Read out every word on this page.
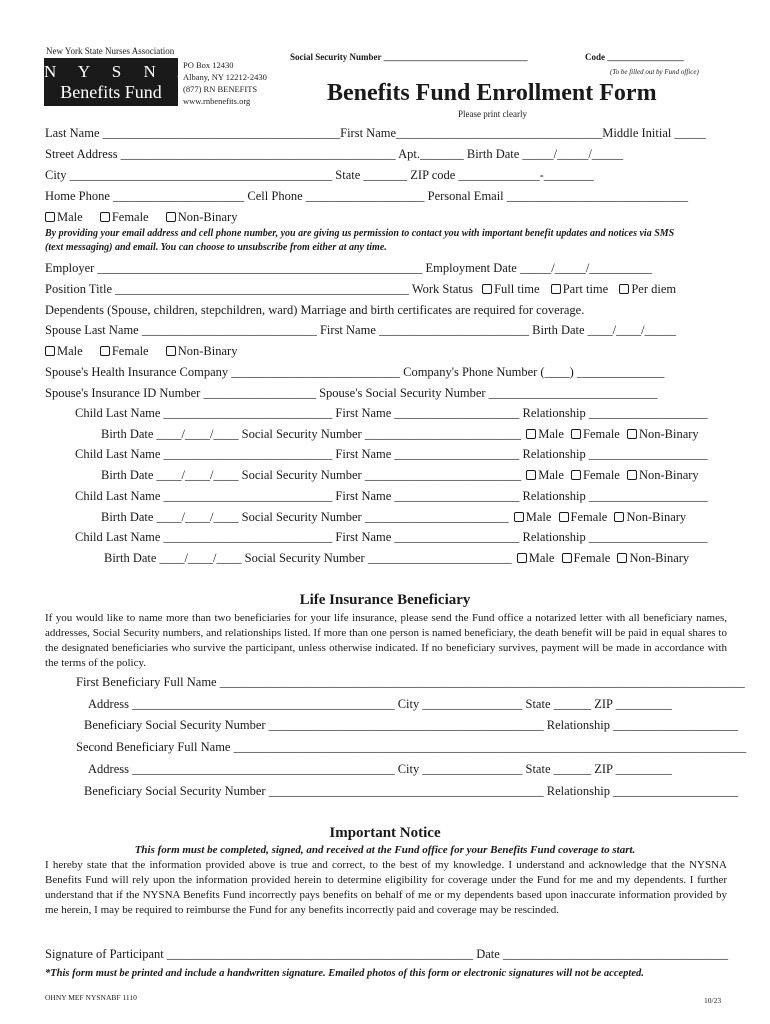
New York State Nurses Association
N Y S N A
Benefits Fund
PO Box 12430
Albany, NY 12212-2430
(877) RN BENEFITS
www.rnbenefits.org
Social Security Number ________________________________	Code _________________
(To be filled out by Fund office)
Benefits Fund Enrollment Form
Please print clearly
Last Name ______________________________________First Name_________________________________Middle Initial _____
Street Address ____________________________________________ Apt._______ Birth Date _____/_____/_____
City __________________________________________ State _______ ZIP code _____________-________
Home Phone _____________________ Cell Phone ___________________ Personal Email _____________________________
Male Female Non-Binary
By providing your email address and cell phone number, you are giving us permission to contact you with important benefit updates and notices via SMS (text messaging) and email. You can choose to unsubscribe from either at any time.
Employer ____________________________________________________ Employment Date _____/_____/__________
Position Title _______________________________________________ Work Status Full time Part time Per diem
Dependents (Spouse, children, stepchildren, ward) Marriage and birth certificates are required for coverage.
Spouse Last Name ____________________________ First Name ________________________ Birth Date ____/____/_____
Male Female Non-Binary
Spouse's Health Insurance Company ___________________________ Company's Phone Number (____) ______________
Spouse's Insurance ID Number __________________ Spouse's Social Security Number ___________________________
Child Last Name ___________________________ First Name ____________________ Relationship ___________________
Birth Date ____/____/____ Social Security Number _________________________ Male Female Non-Binary
Child Last Name ___________________________ First Name ____________________ Relationship ___________________
Birth Date ____/____/____ Social Security Number _________________________ Male Female Non-Binary
Child Last Name ___________________________ First Name ____________________ Relationship ___________________
Birth Date ____/____/____ Social Security Number _______________________ Male Female Non-Binary
Child Last Name ___________________________ First Name ____________________ Relationship ___________________
Birth Date ____/____/____ Social Security Number _______________________ Male Female Non-Binary
Life Insurance Beneficiary
If you would like to name more than two beneficiaries for your life insurance, please send the Fund office a notarized letter with all beneficiary names, addresses, Social Security numbers, and relationships listed. If more than one person is named beneficiary, the death benefit will be paid in equal shares to the designated beneficiaries who survive the participant, unless otherwise indicated. If no beneficiary survives, payment will be made in accordance with the terms of the policy.
First Beneficiary Full Name ____________________________________________________________________________________
Address __________________________________________ City ________________ State ______ ZIP _________
Beneficiary Social Security Number ____________________________________________ Relationship ____________________
Second Beneficiary Full Name __________________________________________________________________________________
Address __________________________________________ City ________________ State ______ ZIP _________
Beneficiary Social Security Number ____________________________________________ Relationship ____________________
Important Notice
This form must be completed, signed, and received at the Fund office for your Benefits Fund coverage to start.
I hereby state that the information provided above is true and correct, to the best of my knowledge. I understand and acknowledge that the NYSNA Benefits Fund will rely upon the information provided herein to determine eligibility for coverage under the Fund for me and my dependents. I further understand that if the NYSNA Benefits Fund incorrectly pays benefits on behalf of me or my dependents based upon inaccurate information provided by me herein, I may be required to reimburse the Fund for any benefits incorrectly paid and coverage may be rescinded.
Signature of Participant _________________________________________________ Date ____________________________________
*This form must be printed and include a handwritten signature. Emailed photos of this form or electronic signatures will not be accepted.
OHNY MEF NYSNABF 1110	10/23
